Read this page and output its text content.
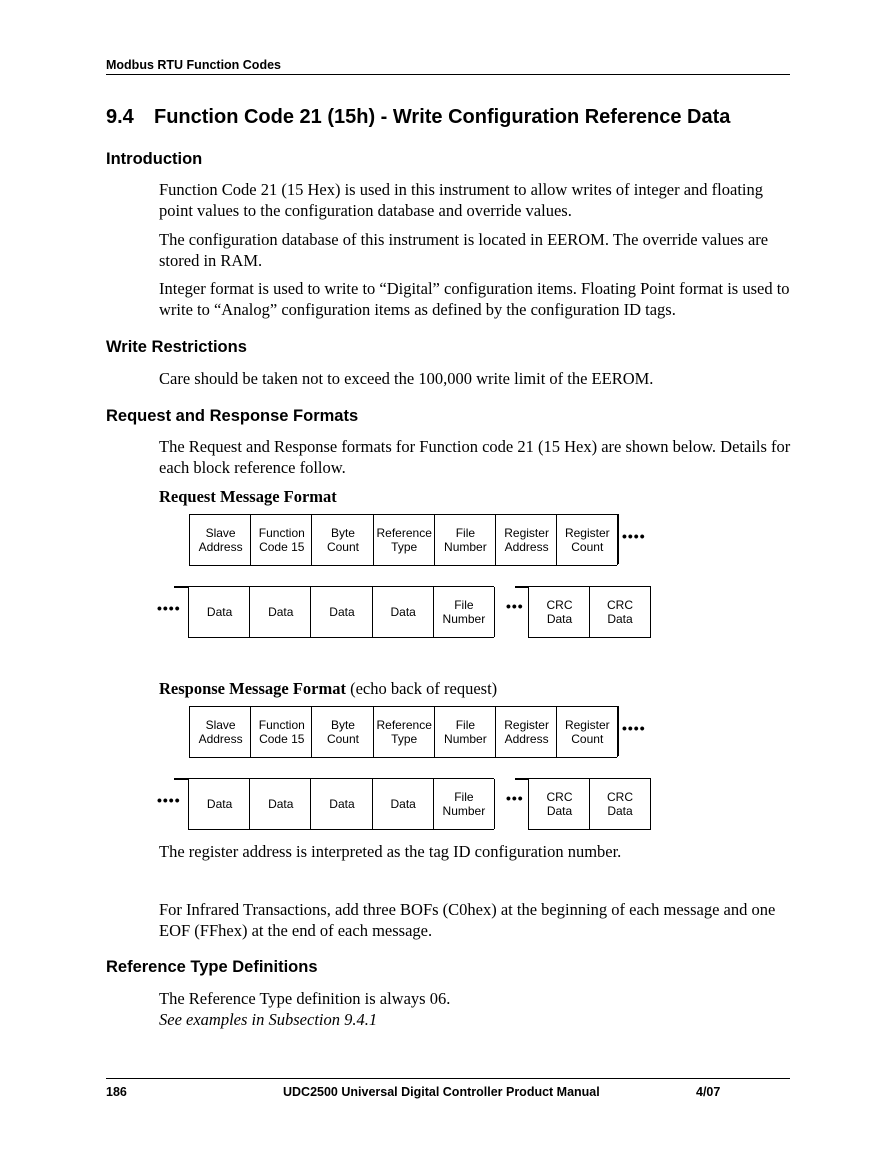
Modbus RTU Function Codes
9.4 Function Code 21 (15h) - Write Configuration Reference Data
Introduction
Function Code 21 (15 Hex) is used in this instrument to allow writes of integer and floating point values to the configuration database and override values.
The configuration database of this instrument is located in EEROM. The override values are stored in RAM.
Integer format is used to write to “Digital” configuration items. Floating Point format is used to write to “Analog” configuration items as defined by the configuration ID tags.
Write Restrictions
Care should be taken not to exceed the 100,000 write limit of the EEROM.
Request and Response Formats
The Request and Response formats for Function code 21 (15 Hex) are shown below. Details for each block reference follow.
Request Message Format
Slave
Address
Function
Code 15
Byte
Count
Reference
Type
File
Number
Register
Address
Register
Count
••••
•••• Data	Data	Data	Data	File
Number
••• CRC
Data
CRC
Data
Response Message Format (echo back of request)
Slave
Address
Function
Code 15
Byte
Count
Reference
Type
File
Number
Register
Address
Register
Count
••••
•••• Data	Data	Data	Data	File
Number
••• CRC
Data
CRC
Data
The register address is interpreted as the tag ID configuration number.
For Infrared Transactions, add three BOFs (C0hex) at the beginning of each message and one EOF (FFhex) at the end of each message.
Reference Type Definitions
The Reference Type definition is always 06.
See examples in Subsection 9.4.1
186	UDC2500 Universal Digital Controller Product Manual	4/07
